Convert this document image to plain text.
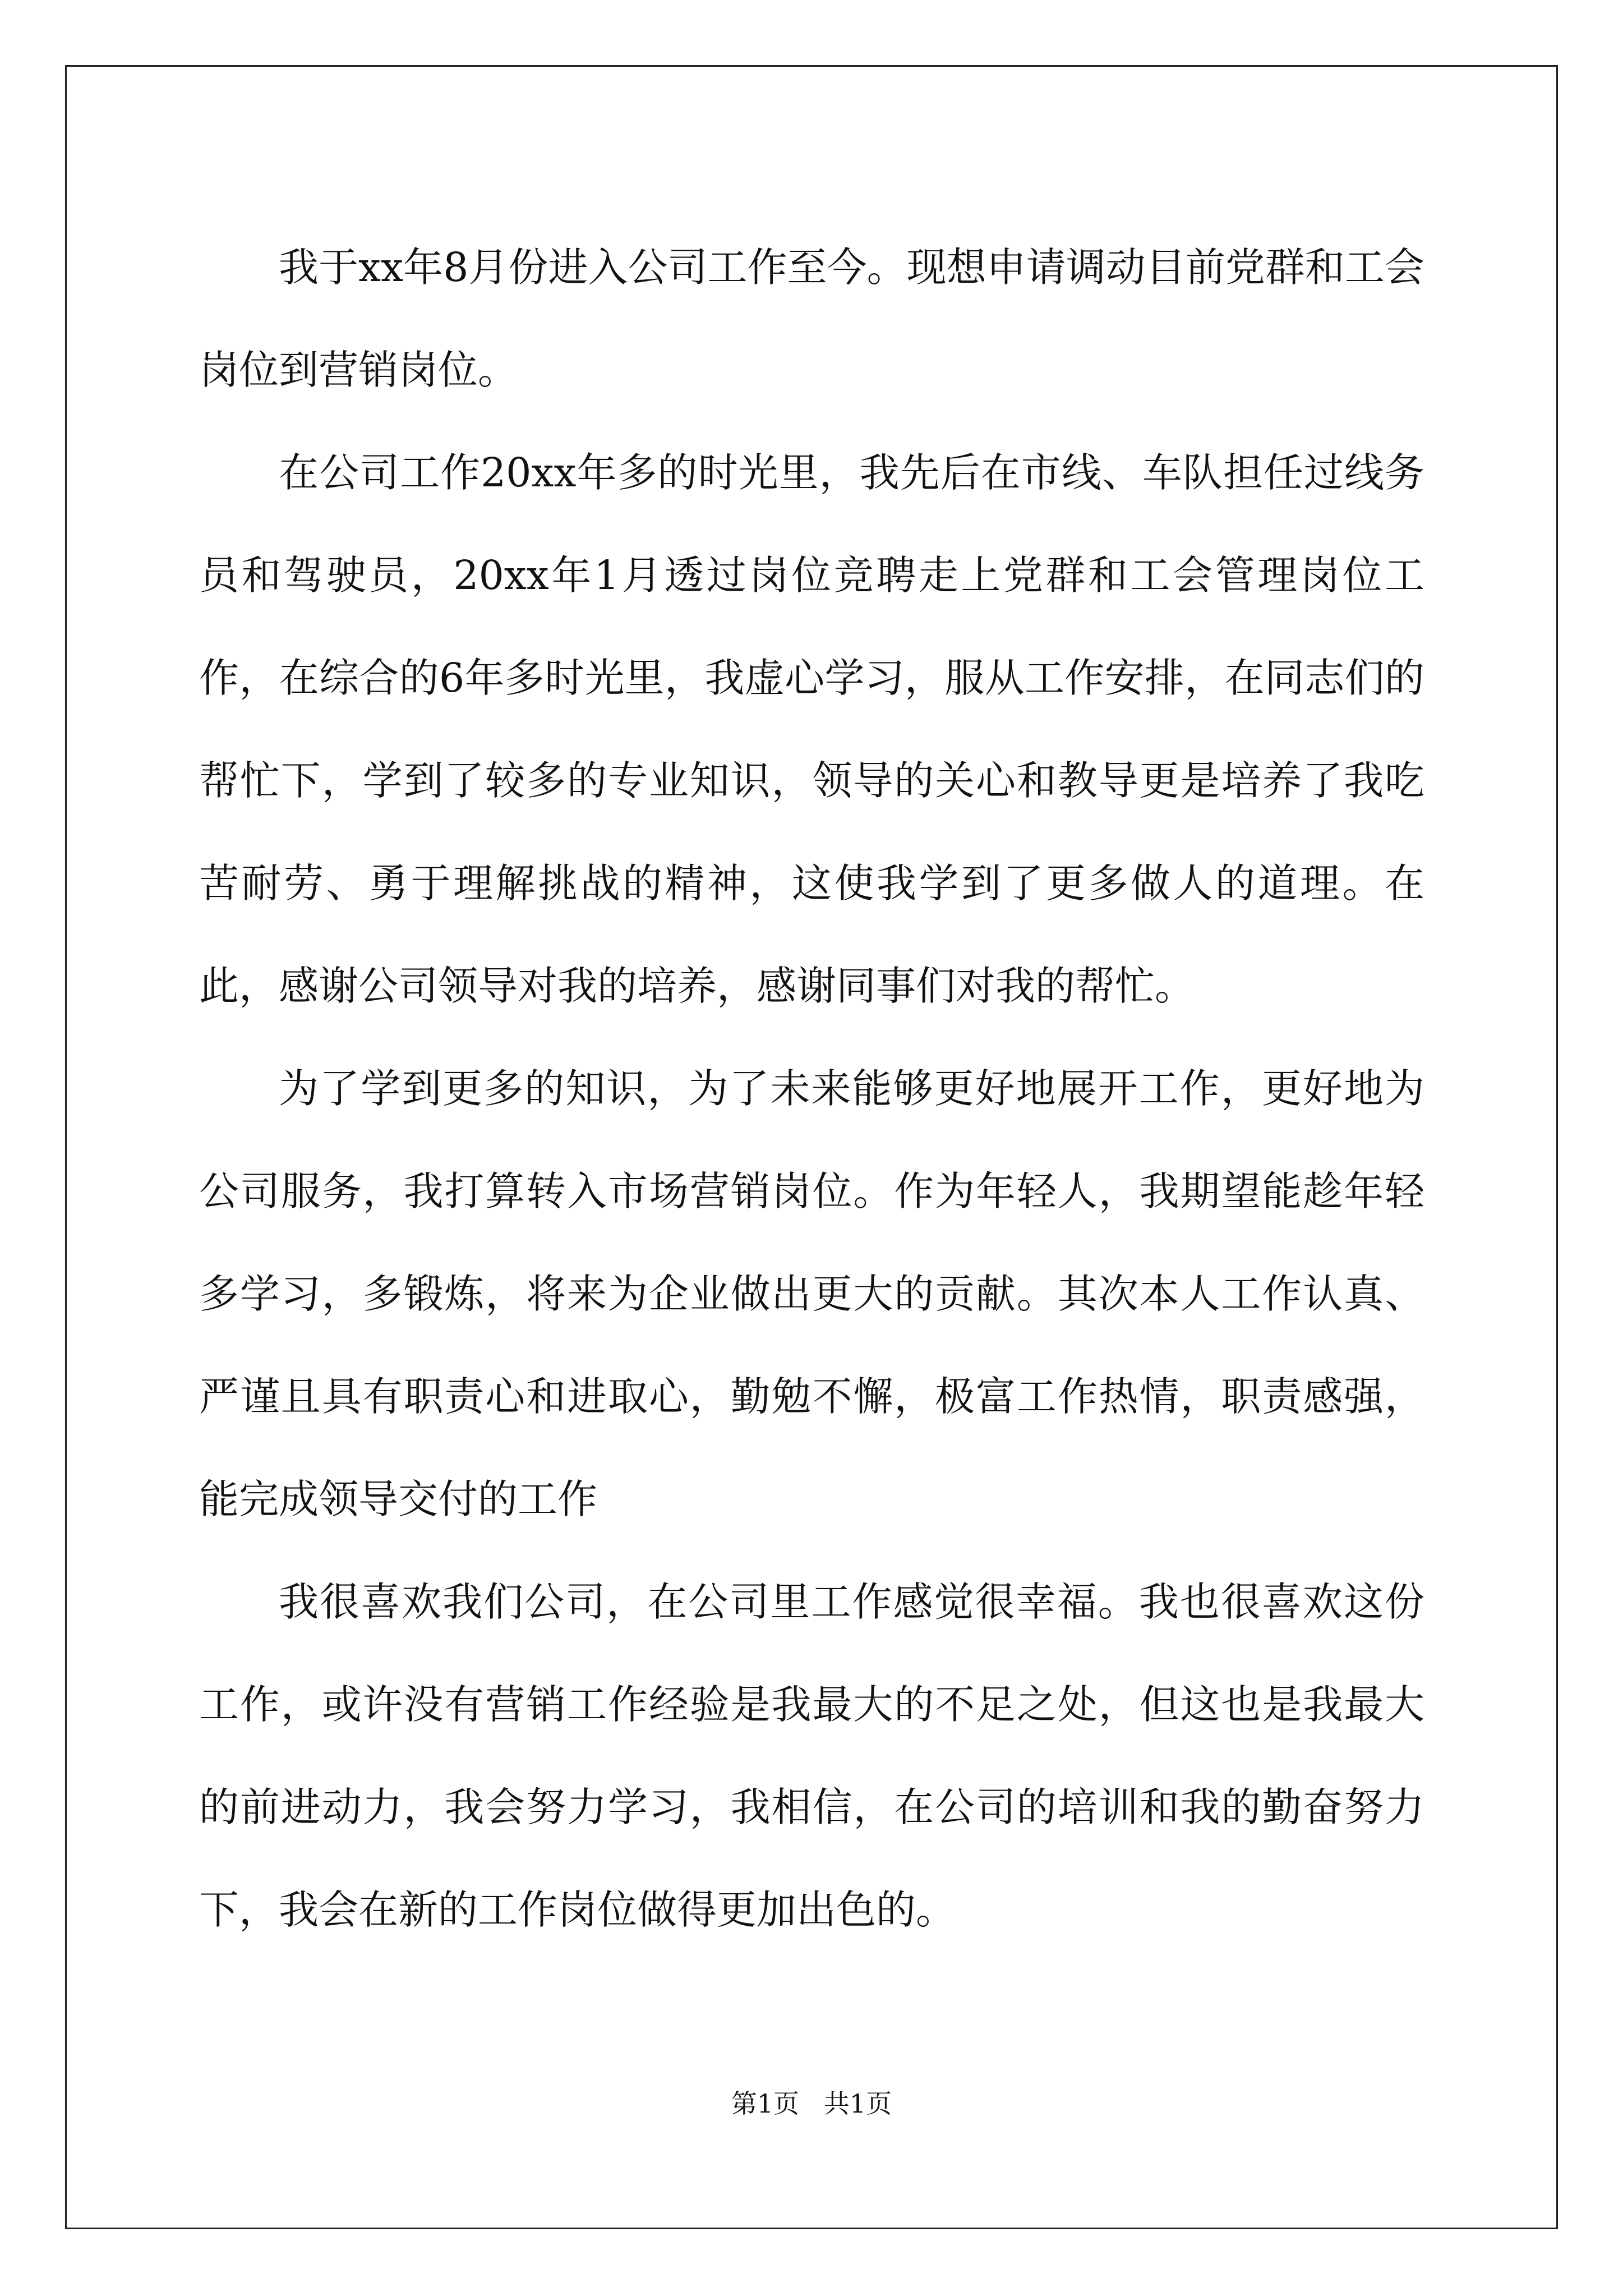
我于xx年8月份进入公司工作至今。现想申请调动目前党群和工会岗位到营销岗位。

在公司工作20xx年多的时光里，我先后在市线、车队担任过线务员和驾驶员，20xx年1月透过岗位竞聘走上党群和工会管理岗位工作，在综合的6年多时光里，我虚心学习，服从工作安排，在同志们的帮忙下，学到了较多的专业知识，领导的关心和教导更是培养了我吃苦耐劳、勇于理解挑战的精神，这使我学到了更多做人的道理。在此，感谢公司领导对我的培养，感谢同事们对我的帮忙。

为了学到更多的知识，为了未来能够更好地展开工作，更好地为公司服务，我打算转入市场营销岗位。作为年轻人，我期望能趁年轻多学习，多锻炼，将来为企业做出更大的贡献。其次本人工作认真、严谨且具有职责心和进取心，勤勉不懈，极富工作热情，职责感强，能完成领导交付的工作

我很喜欢我们公司，在公司里工作感觉很幸福。我也很喜欢这份工作，或许没有营销工作经验是我最大的不足之处，但这也是我最大的前进动力，我会努力学习，我相信，在公司的培训和我的勤奋努力下，我会在新的工作岗位做得更加出色的。

第1页   共1页
